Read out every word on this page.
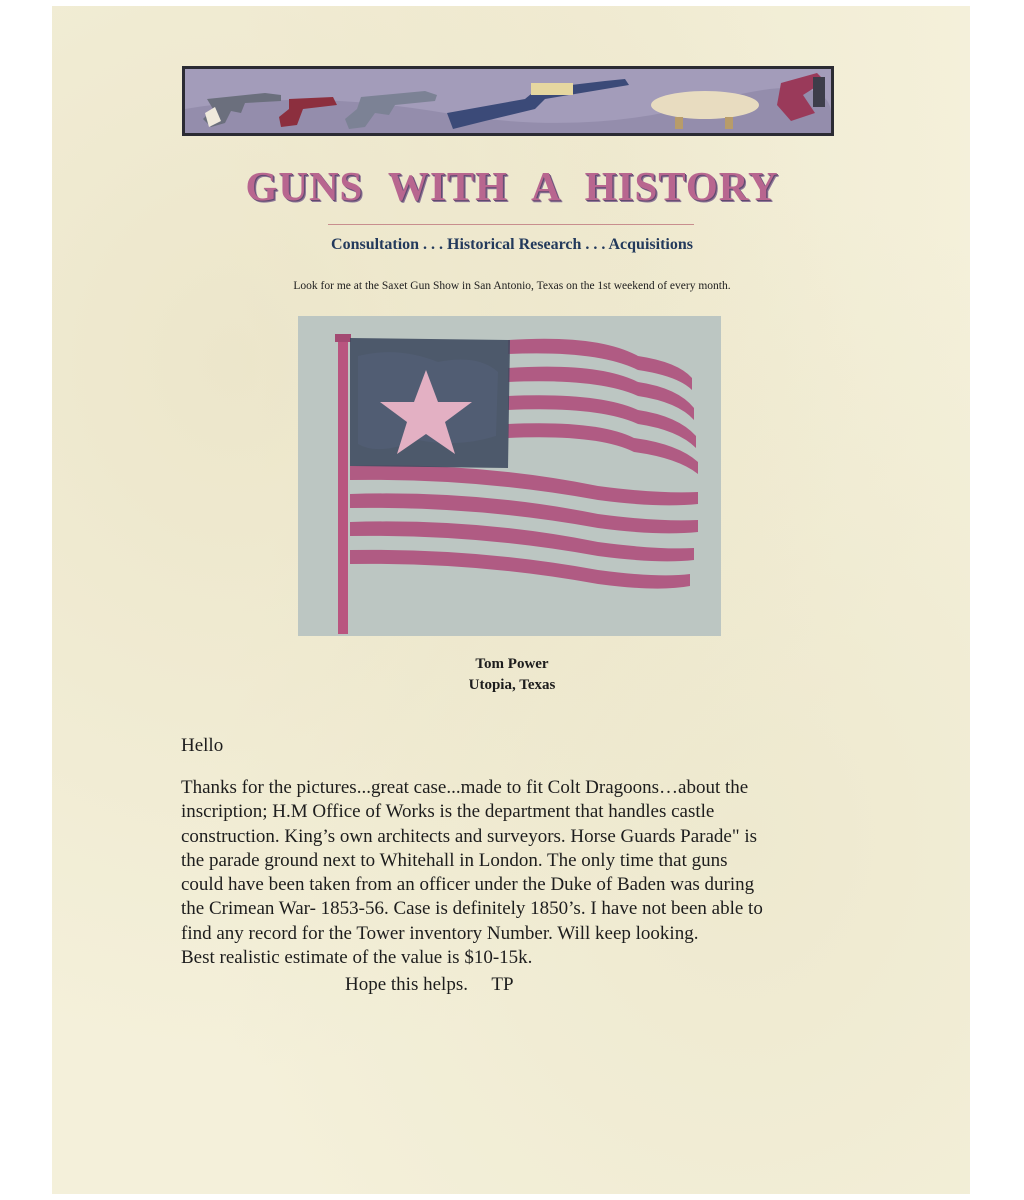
GUNS WITH A HISTORY
Consultation . . . Historical Research . . . Acquisitions
Look for me at the Saxet Gun Show in San Antonio, Texas on the 1st weekend of every month.
Tom Power
Utopia, Texas
Hello

Thanks for the pictures...great case...made to fit Colt Dragoons…about the
inscription; H.M Office of Works is the department that handles castle
construction. King’s own architects and surveyors. Horse Guards Parade" is
the parade ground next to Whitehall in London. The only time that guns
could have been taken from an officer under the Duke of Baden was during
the Crimean War- 1853-56. Case is definitely 1850’s. I have not been able to
find any record for the Tower inventory Number. Will keep looking.
Best realistic estimate of the value is $10-15k.

Hope this helps.     TP
